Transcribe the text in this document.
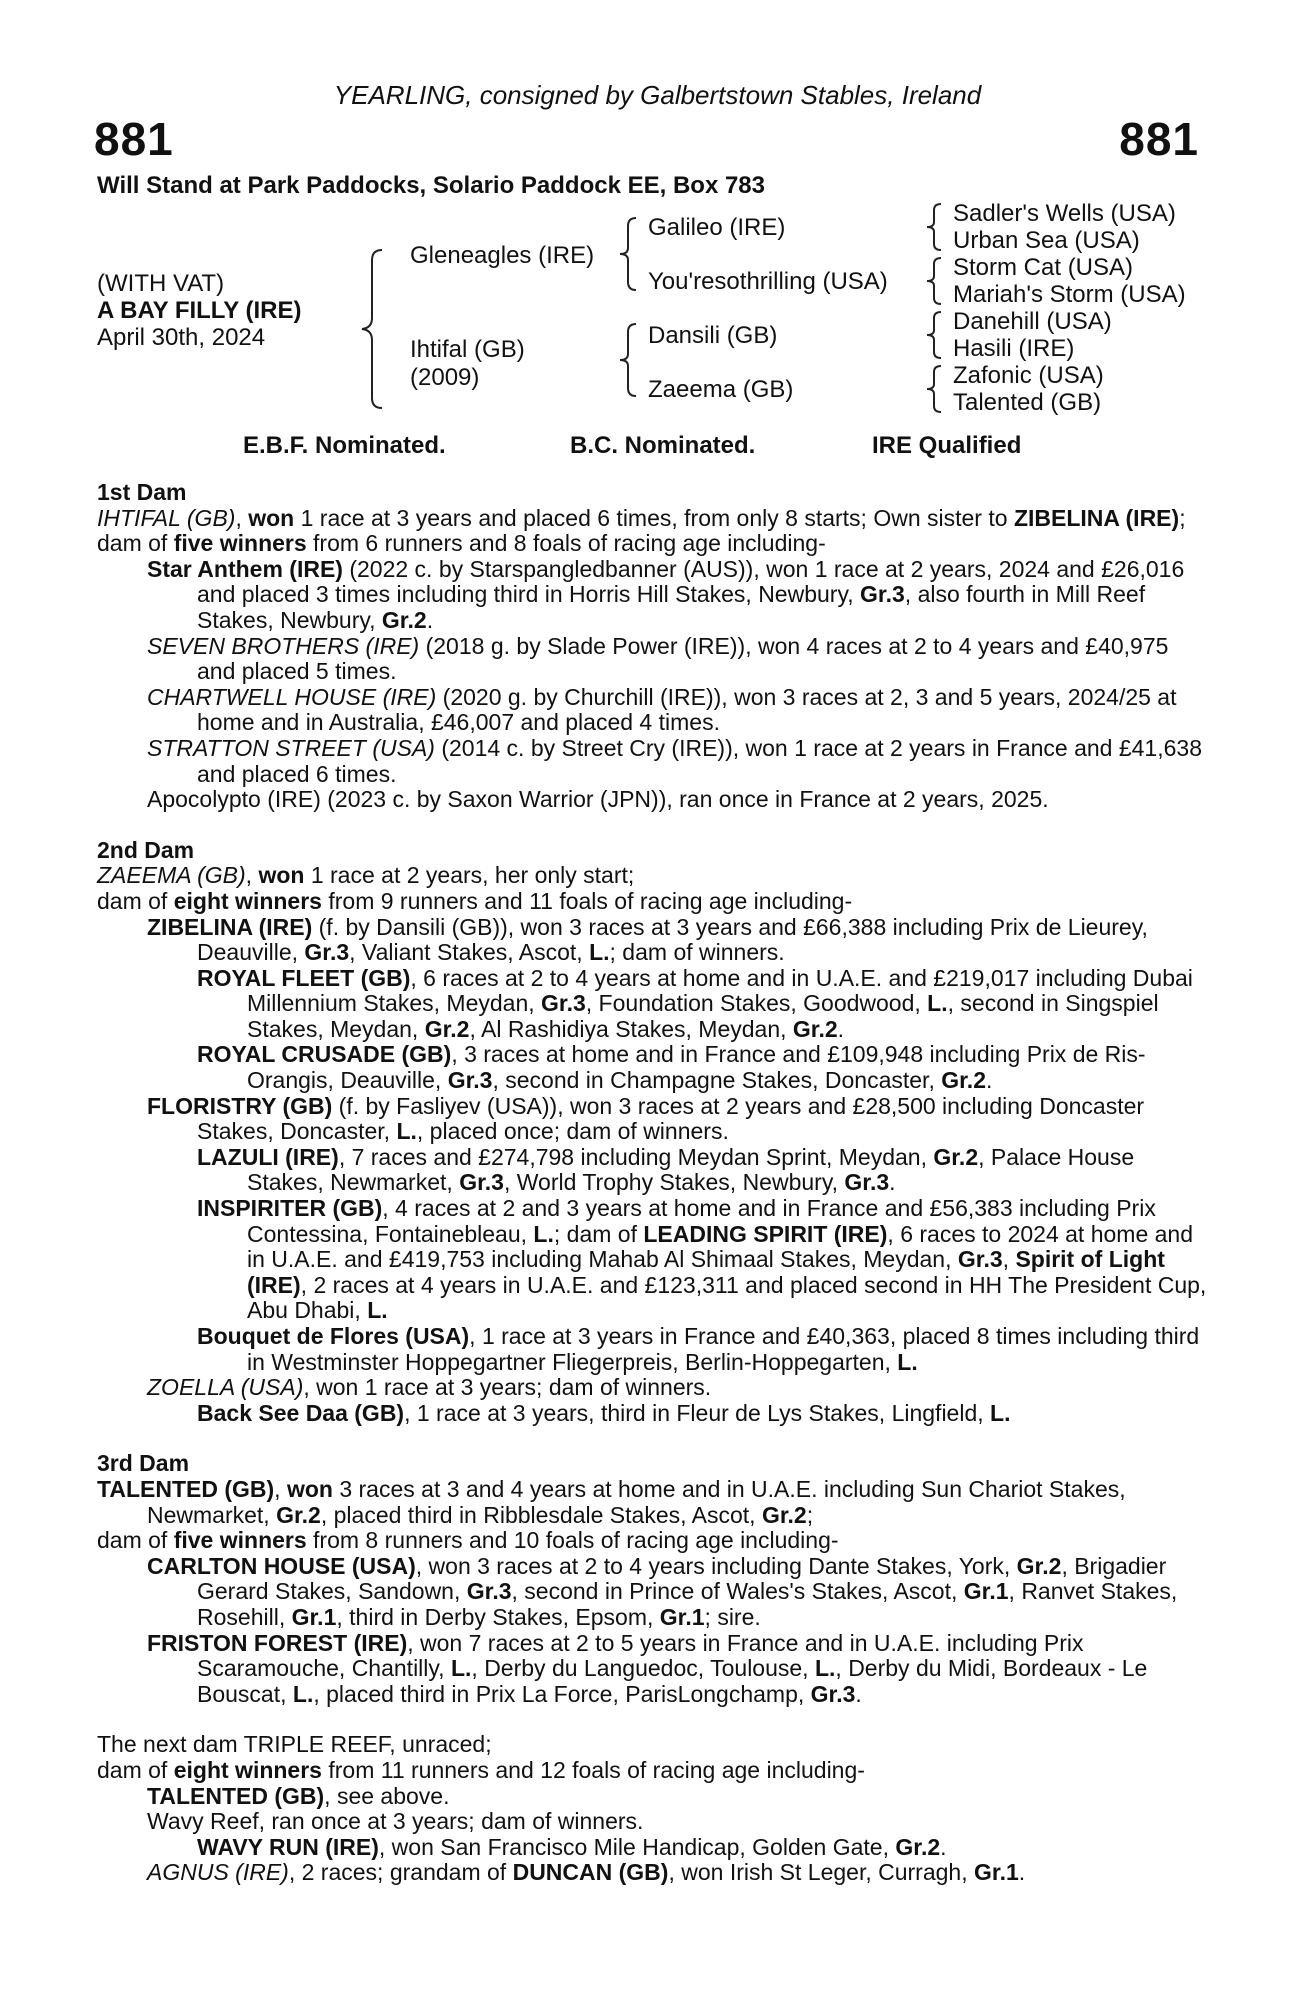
YEARLING, consigned by Galbertstown Stables, Ireland
881	881
Will Stand at Park Paddocks, Solario Paddock EE, Box 783
(WITH VAT)
A BAY FILLY (IRE)
April 30th, 2024
Gleneagles (IRE)
Ihtifal (GB)
(2009)
Galileo (IRE)
You'resothrilling (USA)
Dansili (GB)
Zaeema (GB)
Sadler's Wells (USA)
Urban Sea (USA)
Storm Cat (USA)
Mariah's Storm (USA)
Danehill (USA)
Hasili (IRE)
Zafonic (USA)
Talented (GB)
E.B.F. Nominated.	B.C. Nominated.	IRE Qualified
1st Dam
IHTIFAL (GB), won 1 race at 3 years and placed 6 times, from only 8 starts; Own sister to ZIBELINA (IRE);
dam of five winners from 6 runners and 8 foals of racing age including-
Star Anthem (IRE) (2022 c. by Starspangledbanner (AUS)), won 1 race at 2 years, 2024 and £26,016 and placed 3 times including third in Horris Hill Stakes, Newbury, Gr.3, also fourth in Mill Reef Stakes, Newbury, Gr.2.
SEVEN BROTHERS (IRE) (2018 g. by Slade Power (IRE)), won 4 races at 2 to 4 years and £40,975 and placed 5 times.
CHARTWELL HOUSE (IRE) (2020 g. by Churchill (IRE)), won 3 races at 2, 3 and 5 years, 2024/25 at home and in Australia, £46,007 and placed 4 times.
STRATTON STREET (USA) (2014 c. by Street Cry (IRE)), won 1 race at 2 years in France and £41,638 and placed 6 times.
Apocolypto (IRE) (2023 c. by Saxon Warrior (JPN)), ran once in France at 2 years, 2025.
2nd Dam
ZAEEMA (GB), won 1 race at 2 years, her only start;
dam of eight winners from 9 runners and 11 foals of racing age including-
ZIBELINA (IRE) (f. by Dansili (GB)), won 3 races at 3 years and £66,388 including Prix de Lieurey, Deauville, Gr.3, Valiant Stakes, Ascot, L.; dam of winners.
ROYAL FLEET (GB), 6 races at 2 to 4 years at home and in U.A.E. and £219,017 including Dubai Millennium Stakes, Meydan, Gr.3, Foundation Stakes, Goodwood, L., second in Singspiel Stakes, Meydan, Gr.2, Al Rashidiya Stakes, Meydan, Gr.2.
ROYAL CRUSADE (GB), 3 races at home and in France and £109,948 including Prix de Ris-Orangis, Deauville, Gr.3, second in Champagne Stakes, Doncaster, Gr.2.
FLORISTRY (GB) (f. by Fasliyev (USA)), won 3 races at 2 years and £28,500 including Doncaster Stakes, Doncaster, L., placed once; dam of winners.
LAZULI (IRE), 7 races and £274,798 including Meydan Sprint, Meydan, Gr.2, Palace House Stakes, Newmarket, Gr.3, World Trophy Stakes, Newbury, Gr.3.
INSPIRITER (GB), 4 races at 2 and 3 years at home and in France and £56,383 including Prix Contessina, Fontainebleau, L.; dam of LEADING SPIRIT (IRE), 6 races to 2024 at home and in U.A.E. and £419,753 including Mahab Al Shimaal Stakes, Meydan, Gr.3, Spirit of Light (IRE), 2 races at 4 years in U.A.E. and £123,311 and placed second in HH The President Cup, Abu Dhabi, L.
Bouquet de Flores (USA), 1 race at 3 years in France and £40,363, placed 8 times including third in Westminster Hoppegartner Fliegerpreis, Berlin-Hoppegarten, L.
ZOELLA (USA), won 1 race at 3 years; dam of winners.
Back See Daa (GB), 1 race at 3 years, third in Fleur de Lys Stakes, Lingfield, L.
3rd Dam
TALENTED (GB), won 3 races at 3 and 4 years at home and in U.A.E. including Sun Chariot Stakes, Newmarket, Gr.2, placed third in Ribblesdale Stakes, Ascot, Gr.2;
dam of five winners from 8 runners and 10 foals of racing age including-
CARLTON HOUSE (USA), won 3 races at 2 to 4 years including Dante Stakes, York, Gr.2, Brigadier Gerard Stakes, Sandown, Gr.3, second in Prince of Wales's Stakes, Ascot, Gr.1, Ranvet Stakes, Rosehill, Gr.1, third in Derby Stakes, Epsom, Gr.1; sire.
FRISTON FOREST (IRE), won 7 races at 2 to 5 years in France and in U.A.E. including Prix Scaramouche, Chantilly, L., Derby du Languedoc, Toulouse, L., Derby du Midi, Bordeaux - Le Bouscat, L., placed third in Prix La Force, ParisLongchamp, Gr.3.
The next dam TRIPLE REEF, unraced;
dam of eight winners from 11 runners and 12 foals of racing age including-
TALENTED (GB), see above.
Wavy Reef, ran once at 3 years; dam of winners.
WAVY RUN (IRE), won San Francisco Mile Handicap, Golden Gate, Gr.2.
AGNUS (IRE), 2 races; grandam of DUNCAN (GB), won Irish St Leger, Curragh, Gr.1.
